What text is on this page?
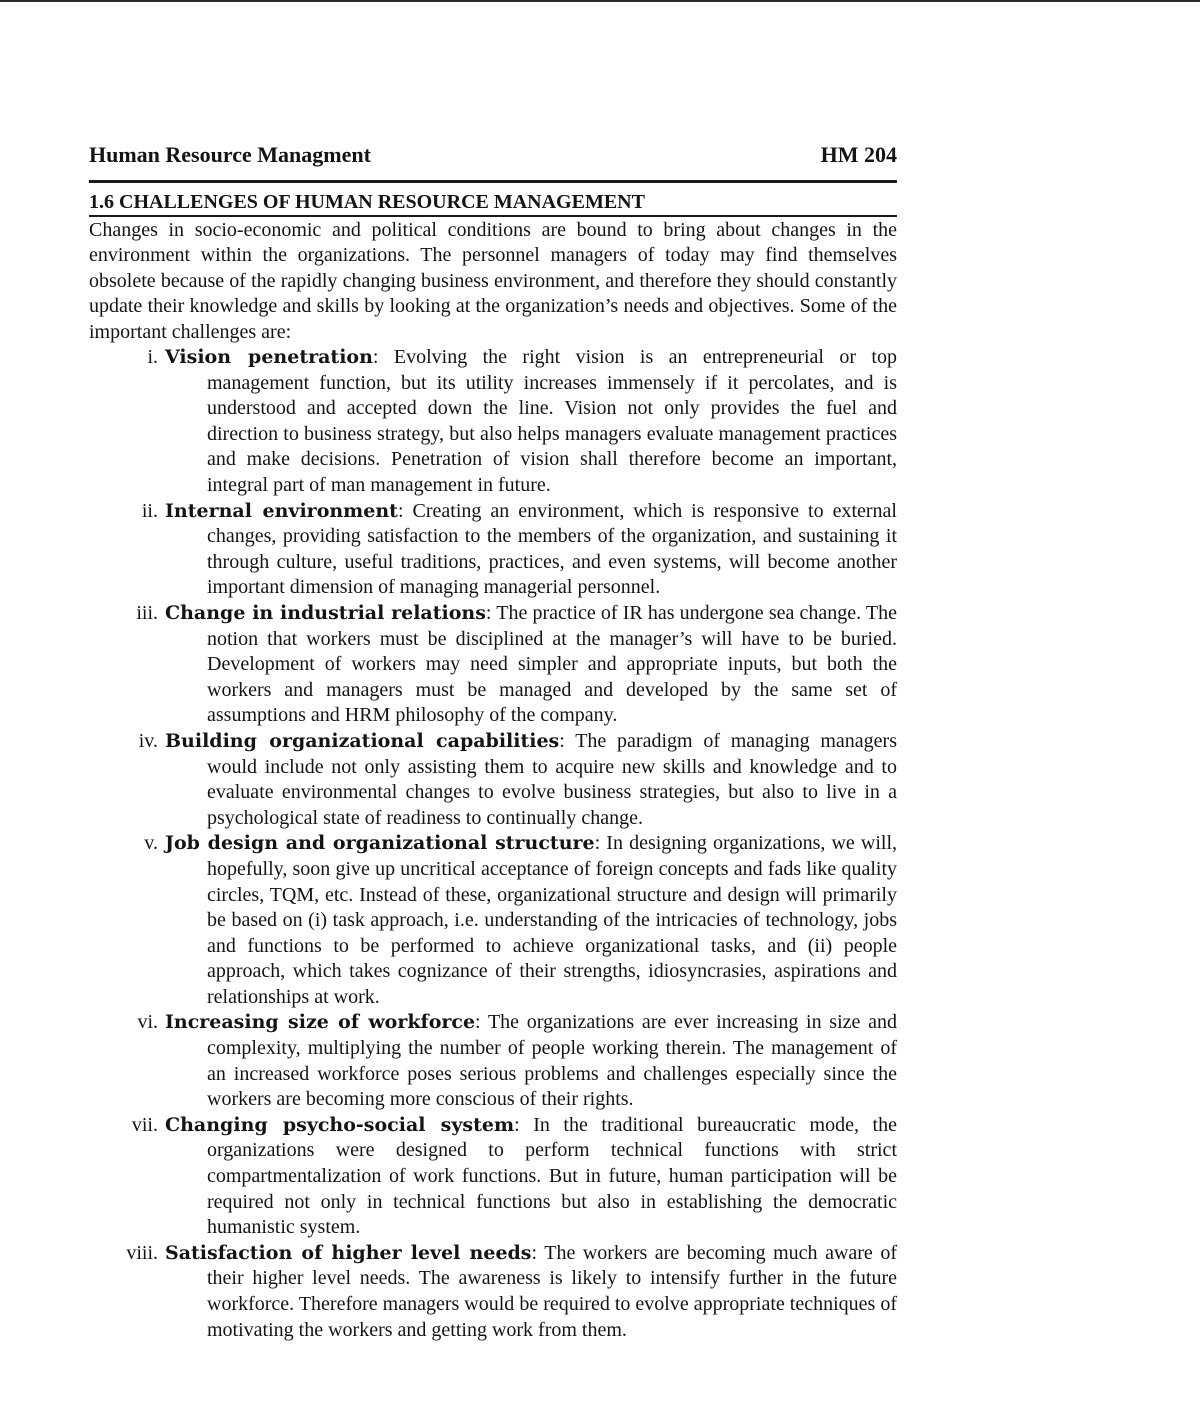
Human Resource Managment	HM 204
1.6 CHALLENGES OF HUMAN RESOURCE MANAGEMENT

Changes in socio-economic and political conditions are bound to bring about changes in the environment within the organizations. The personnel managers of today may find themselves obsolete because of the rapidly changing business environment, and therefore they should constantly update their knowledge and skills by looking at the organization’s needs and objectives. Some of the important challenges are:

i. Vision penetration: Evolving the right vision is an entrepreneurial or top management function, but its utility increases immensely if it percolates, and is understood and accepted down the line. Vision not only provides the fuel and direction to business strategy, but also helps managers evaluate management practices and make decisions. Penetration of vision shall therefore become an important, integral part of man management in future.
ii. Internal environment: Creating an environment, which is responsive to external changes, providing satisfaction to the members of the organization, and sustaining it through culture, useful traditions, practices, and even systems, will become another important dimension of managing managerial personnel.
iii. Change in industrial relations: The practice of IR has undergone sea change. The notion that workers must be disciplined at the manager’s will have to be buried. Development of workers may need simpler and appropriate inputs, but both the workers and managers must be managed and developed by the same set of assumptions and HRM philosophy of the company.
iv. Building organizational capabilities: The paradigm of managing managers would include not only assisting them to acquire new skills and knowledge and to evaluate environmental changes to evolve business strategies, but also to live in a psychological state of readiness to continually change.
v. Job design and organizational structure: In designing organizations, we will, hopefully, soon give up uncritical acceptance of foreign concepts and fads like quality circles, TQM, etc. Instead of these, organizational structure and design will primarily be based on (i) task approach, i.e. understanding of the intricacies of technology, jobs and functions to be performed to achieve organizational tasks, and (ii) people approach, which takes cognizance of their strengths, idiosyncrasies, aspirations and relationships at work.
vi. Increasing size of workforce: The organizations are ever increasing in size and complexity, multiplying the number of people working therein. The management of an increased workforce poses serious problems and challenges especially since the workers are becoming more conscious of their rights.
vii. Changing psycho-social system: In the traditional bureaucratic mode, the organizations were designed to perform technical functions with strict compartmentalization of work functions. But in future, human participation will be required not only in technical functions but also in establishing the democratic humanistic system.
viii. Satisfaction of higher level needs: The workers are becoming much aware of their higher level needs. The awareness is likely to intensify further in the future workforce. Therefore managers would be required to evolve appropriate techniques of motivating the workers and getting work from them.
